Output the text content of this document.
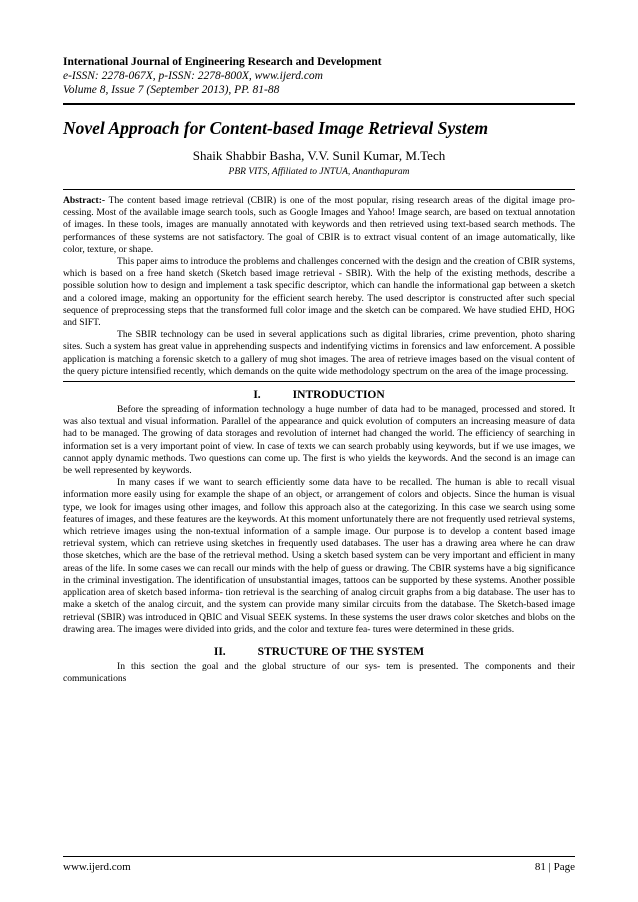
International Journal of Engineering Research and Development
e-ISSN: 2278-067X, p-ISSN: 2278-800X, www.ijerd.com
Volume 8, Issue 7 (September 2013), PP. 81-88
Novel Approach for Content-based Image Retrieval System
Shaik Shabbir Basha, V.V. Sunil Kumar, M.Tech
PBR VITS, Affiliated to JNTUA, Ananthapuram

Abstract:- The content based image retrieval (CBIR) is one of the most popular, rising research areas of the digital image pro- cessing. Most of the available image search tools, such as Google Images and Yahoo! Image search, are based on textual annotation of images. In these tools, images are manually annotated with keywords and then retrieved using text-based search methods. The performances of these systems are not satisfactory. The goal of CBIR is to extract visual content of an image automatically, like color, texture, or shape.

This paper aims to introduce the problems and challenges concerned with the design and the creation of CBIR systems, which is based on a free hand sketch (Sketch based image retrieval - SBIR). With the help of the existing methods, describe a possible solution how to design and implement a task specific descriptor, which can handle the informational gap between a sketch and a colored image, making an opportunity for the efficient search hereby. The used descriptor is constructed after such special sequence of preprocessing steps that the transformed full color image and the sketch can be compared. We have studied EHD, HOG and SIFT.

The SBIR technology can be used in several applications such as digital libraries, crime prevention, photo sharing sites. Such a system has great value in apprehending suspects and indentifying victims in forensics and law enforcement. A possible application is matching a forensic sketch to a gallery of mug shot images. The area of retrieve images based on the visual content of the query picture intensified recently, which demands on the quite wide methodology spectrum on the area of the image processing.

I.	INTRODUCTION

Before the spreading of information technology a huge number of data had to be managed, processed and stored. It was also textual and visual information. Parallel of the appearance and quick evolution of computers an increasing measure of data had to be managed. The growing of data storages and revolution of internet had changed the world. The efficiency of searching in information set is a very important point of view. In case of texts we can search probably using keywords, but if we use images, we cannot apply dynamic methods. Two questions can come up. The first is who yields the keywords. And the second is an image can be well represented by keywords.

In many cases if we want to search efficiently some data have to be recalled. The human is able to recall visual information more easily using for example the shape of an object, or arrangement of colors and objects. Since the human is visual type, we look for images using other images, and follow this approach also at the categorizing. In this case we search using some features of images, and these features are the keywords. At this moment unfortunately there are not frequently used retrieval systems, which retrieve images using the non-textual information of a sample image. Our purpose is to develop a content based image retrieval system, which can retrieve using sketches in frequently used databases. The user has a drawing area where he can draw those sketches, which are the base of the retrieval method. Using a sketch based system can be very important and efficient in many areas of the life. In some cases we can recall our minds with the help of guess or drawing. The CBIR systems have a big significance in the criminal investigation. The identification of unsubstantial images, tattoos can be supported by these systems. Another possible application area of sketch based informa- tion retrieval is the searching of analog circuit graphs from a big database. The user has to make a sketch of the analog circuit, and the system can provide many similar circuits from the database. The Sketch-based image retrieval (SBIR) was introduced in QBIC and Visual SEEK systems. In these systems the user draws color sketches and blobs on the drawing area. The images were divided into grids, and the color and texture fea- tures were determined in these grids.

II.	STRUCTURE OF THE SYSTEM

In this section the goal and the global structure of our sys- tem is presented. The components and their communications

www.ijerd.com	81 | Page
